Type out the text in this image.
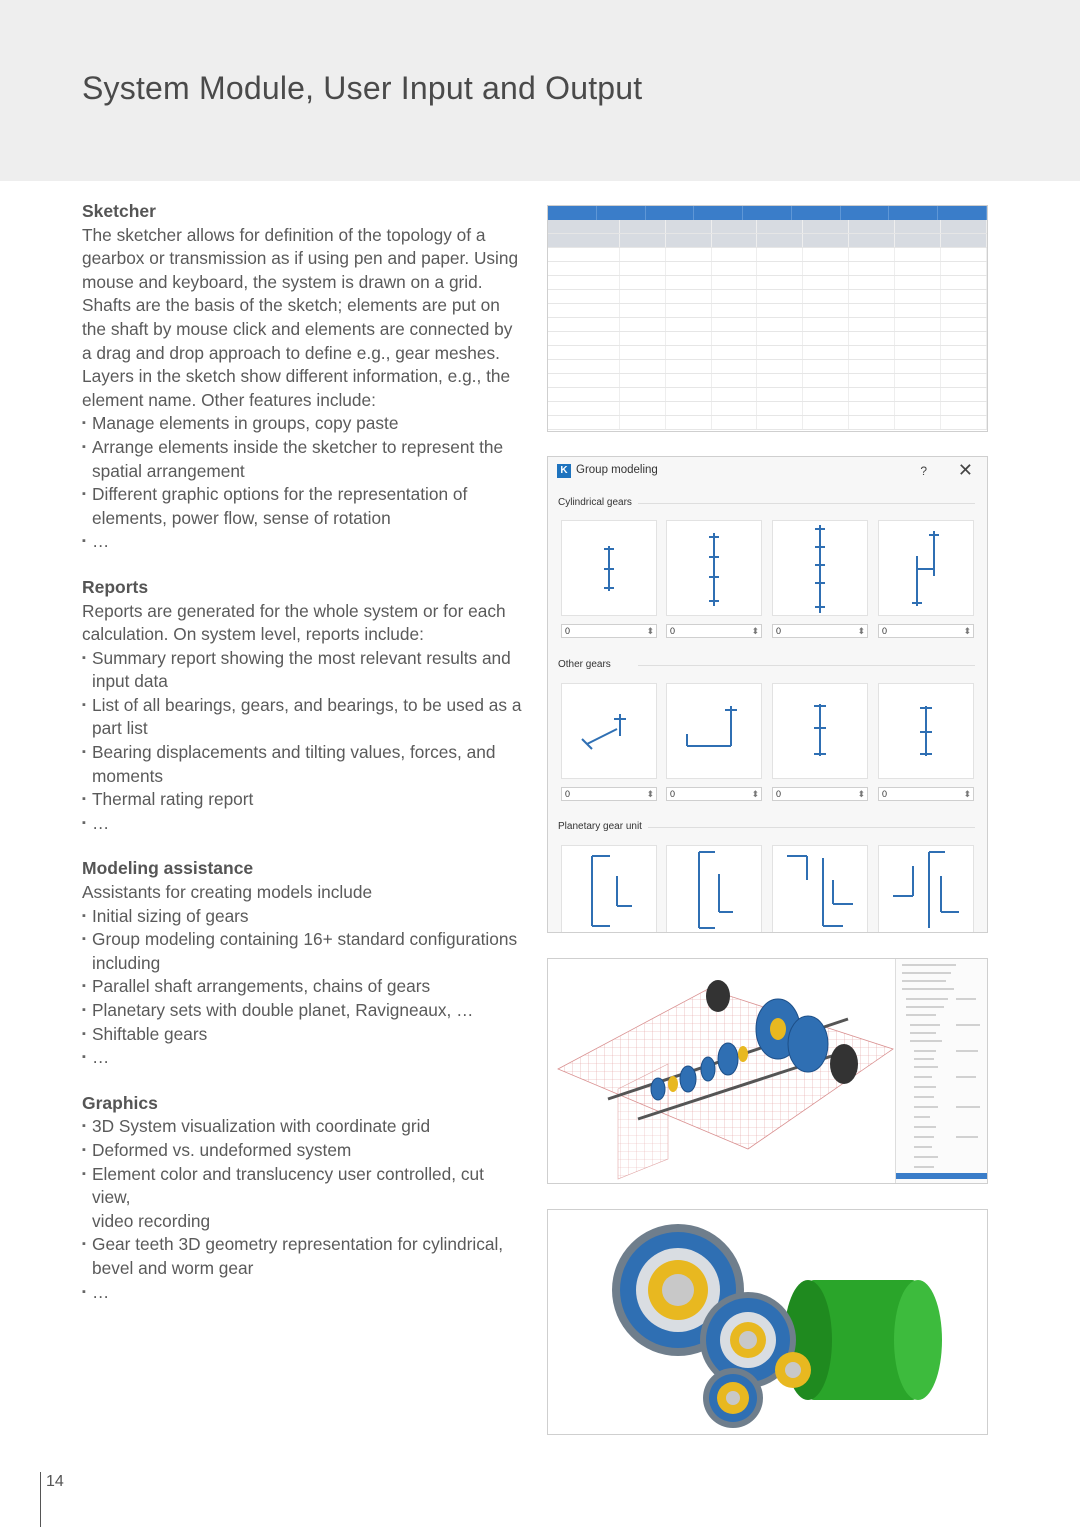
System Module, User Input and Output
Sketcher

The sketcher allows for definition of the topology of a

gearbox or transmission as if using pen and paper. Using

mouse and keyboard, the system is drawn on a grid.

Shafts are the basis of the sketch; elements are put on

the shaft by mouse click and elements are connected by

a drag and drop approach to define e.g., gear meshes.

Layers in the sketch show different information, e.g., the

element name. Other features include:

▪ Manage elements in groups, copy paste
▪ Arrange elements inside the sketcher to represent the
spatial arrangement
▪ Different graphic options for the representation of
elements, power flow, sense of rotation
▪ …
Reports

Reports are generated for the whole system or for each

calculation. On system level, reports include:

▪ Summary report showing the most relevant results and
input data
▪ List of all bearings, gears, and bearings, to be used as a
part list
▪ Bearing displacements and tilting values, forces, and
moments
▪ Thermal rating report
▪ …
Modeling assistance

Assistants for creating models include

▪ Initial sizing of gears
▪ Group modeling containing 16+ standard configurations
including
▪ Parallel shaft arrangements, chains of gears
▪ Planetary sets with double planet, Ravigneaux, …
▪ Shiftable gears
▪ …
Graphics
▪ 3D System visualization with coordinate grid
▪ Deformed vs. undeformed system
▪ Element color and translucency user controlled, cut view,
video recording
▪ Gear teeth 3D geometry representation for cylindrical,
bevel and worm gear
▪ …
K Group modeling	? ✕
Cylindrical gears
Other gears
Planetary gear unit
0 ⬍	0 ⬍	0 ⬍	0 ⬍
0 ⬍	0 ⬍	0 ⬍	0 ⬍
14
